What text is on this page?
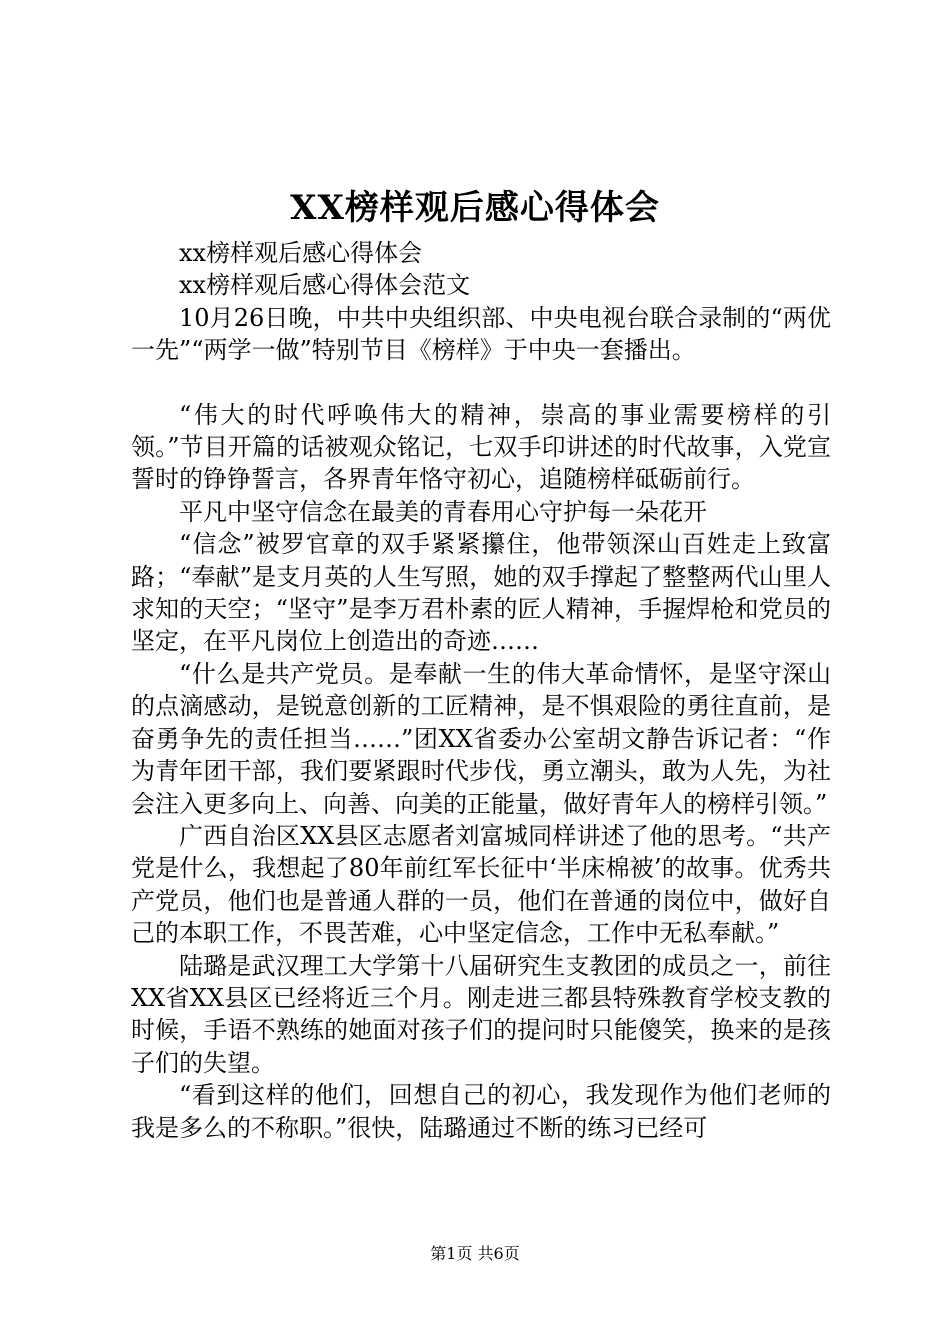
XX榜样观后感心得体会

xx榜样观后感心得体会

xx榜样观后感心得体会范文

10月26日晚，中共中央组织部、中央电视台联合录制的“两优一先”“两学一做”特别节目《榜样》于中央一套播出。

“伟大的时代呼唤伟大的精神，崇高的事业需要榜样的引领。”节目开篇的话被观众铭记，七双手印讲述的时代故事，入党宣誓时的铮铮誓言，各界青年恪守初心，追随榜样砥砺前行。

平凡中坚守信念在最美的青春用心守护每一朵花开

“信念”被罗官章的双手紧紧攥住，他带领深山百姓走上致富路；“奉献”是支月英的人生写照，她的双手撑起了整整两代山里人求知的天空；“坚守”是李万君朴素的匠人精神，手握焊枪和党员的坚定，在平凡岗位上创造出的奇迹……

“什么是共产党员。是奉献一生的伟大革命情怀，是坚守深山的点滴感动，是锐意创新的工匠精神，是不惧艰险的勇往直前，是奋勇争先的责任担当……”团XX省委办公室胡文静告诉记者：“作为青年团干部，我们要紧跟时代步伐，勇立潮头，敢为人先，为社会注入更多向上、向善、向美的正能量，做好青年人的榜样引领。”

广西自治区XX县区志愿者刘富城同样讲述了他的思考。“共产党是什么，我想起了80年前红军长征中‘半床棉被’的故事。优秀共产党员，他们也是普通人群的一员，他们在普通的岗位中，做好自己的本职工作，不畏苦难，心中坚定信念，工作中无私奉献。”

陆璐是武汉理工大学第十八届研究生支教团的成员之一，前往XX省XX县区已经将近三个月。刚走进三都县特殊教育学校支教的时候，手语不熟练的她面对孩子们的提问时只能傻笑，换来的是孩子们的失望。

“看到这样的他们，回想自己的初心，我发现作为他们老师的我是多么的不称职。”很快，陆璐通过不断的练习已经可

第1页 共6页
